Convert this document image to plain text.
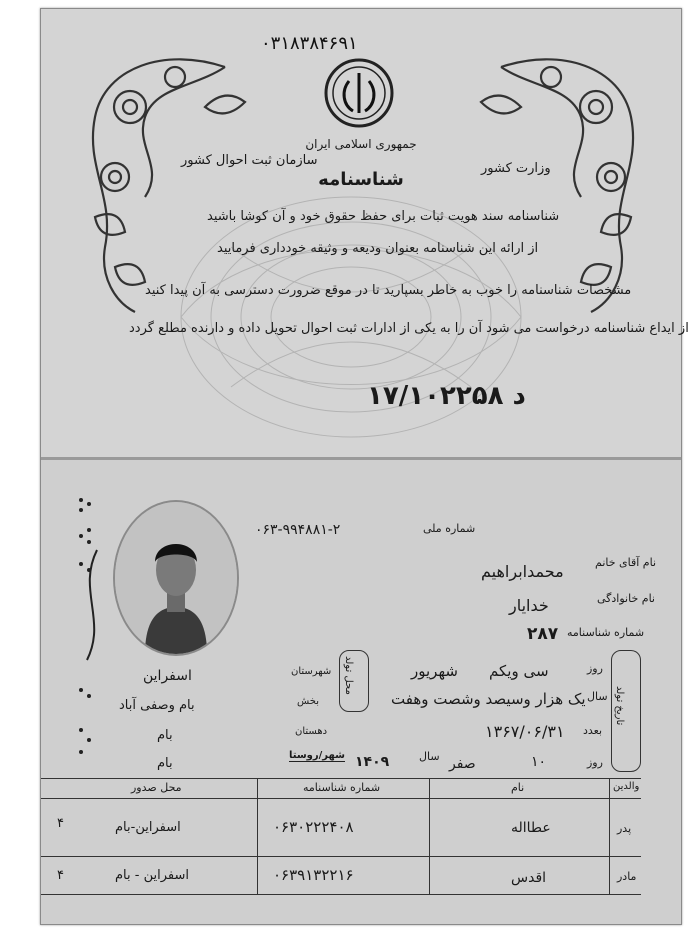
۰۳۱۸۳۸۴۶۹۱
جمهوری اسلامی ایران
وزارت کشور
سازمان ثبت احوال کشور
شناسنامه
شناسنامه سند هویت ثبات برای حفظ حقوق خود و آن کوشا باشید
از ارائه این شناسنامه بعنوان ودیعه و وثیقه خودداری فرمایید
مشخصات شناسنامه را خوب به خاطر بسپارید تا در موقع ضرورت دسترسی به آن پیدا کنید
از ایداع شناسنامه درخواست می شود آن را به یکی از ادارات ثبت احوال تحویل داده و دارنده مطلع گردد
د ۱۷/۱۰۲۲۵۸
۰۶۳-۹۹۴۸۸۱-۲	شماره ملی
نام آقای خانم
محمدابراهیم
نام خانوادگی
خدایار
شماره شناسنامه
۲۸۷
تاریخ تولد
روز
سی ویکم
شهریور
سال
یک هزار وسیصد وشصت وهفت
بعدد
۱۳۶۷/۰۶/۳۱
محل تولد
شهرستان
اسفراین
بخش
بام وصفی آباد
دهستان
بام
شهر/روستا
بام	روز
۱۰
صفر
سال
۱۴۰۹
والدین
نام
شماره شناسنامه
محل صدور
پدر
عطااله
۰۶۳۰۲۲۲۴۰۸
اسفراین-بام
۴
مادر
اقدس
۰۶۳۹۱۳۲۲۱۶
اسفراین - بام
۴
